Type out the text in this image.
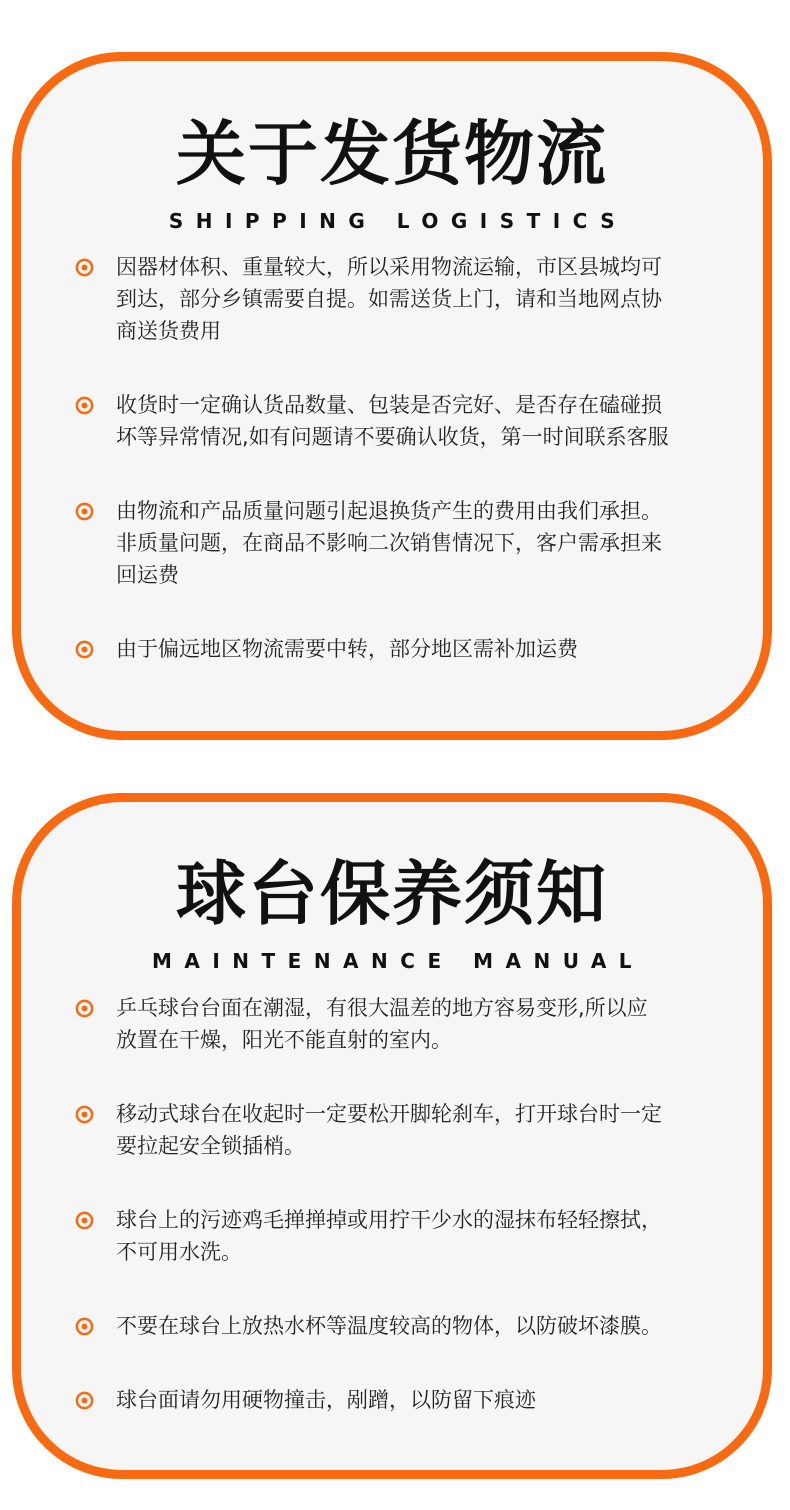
关于发货物流
SHIPPING LOGISTICS
因器材体积、重量较大，所以采用物流运输，市区县城均可
到达，部分乡镇需要自提。如需送货上门，请和当地网点协
商送货费用
收货时一定确认货品数量、包装是否完好、是否存在磕碰损
坏等异常情况,如有问题请不要确认收货，第一时间联系客服
由物流和产品质量问题引起退换货产生的费用由我们承担。
非质量问题，在商品不影响二次销售情况下，客户需承担来
回运费
由于偏远地区物流需要中转，部分地区需补加运费
球台保养须知
MAINTENANCE MANUAL
乒乓球台台面在潮湿，有很大温差的地方容易变形,所以应
放置在干燥，阳光不能直射的室内。
移动式球台在收起时一定要松开脚轮刹车，打开球台时一定
要拉起安全锁插梢。
球台上的污迹鸡毛掸掸掉或用拧干少水的湿抹布轻轻擦拭，
不可用水洗。
不要在球台上放热水杯等温度较高的物体，以防破坏漆膜。
球台面请勿用硬物撞击，剐蹭，以防留下痕迹
